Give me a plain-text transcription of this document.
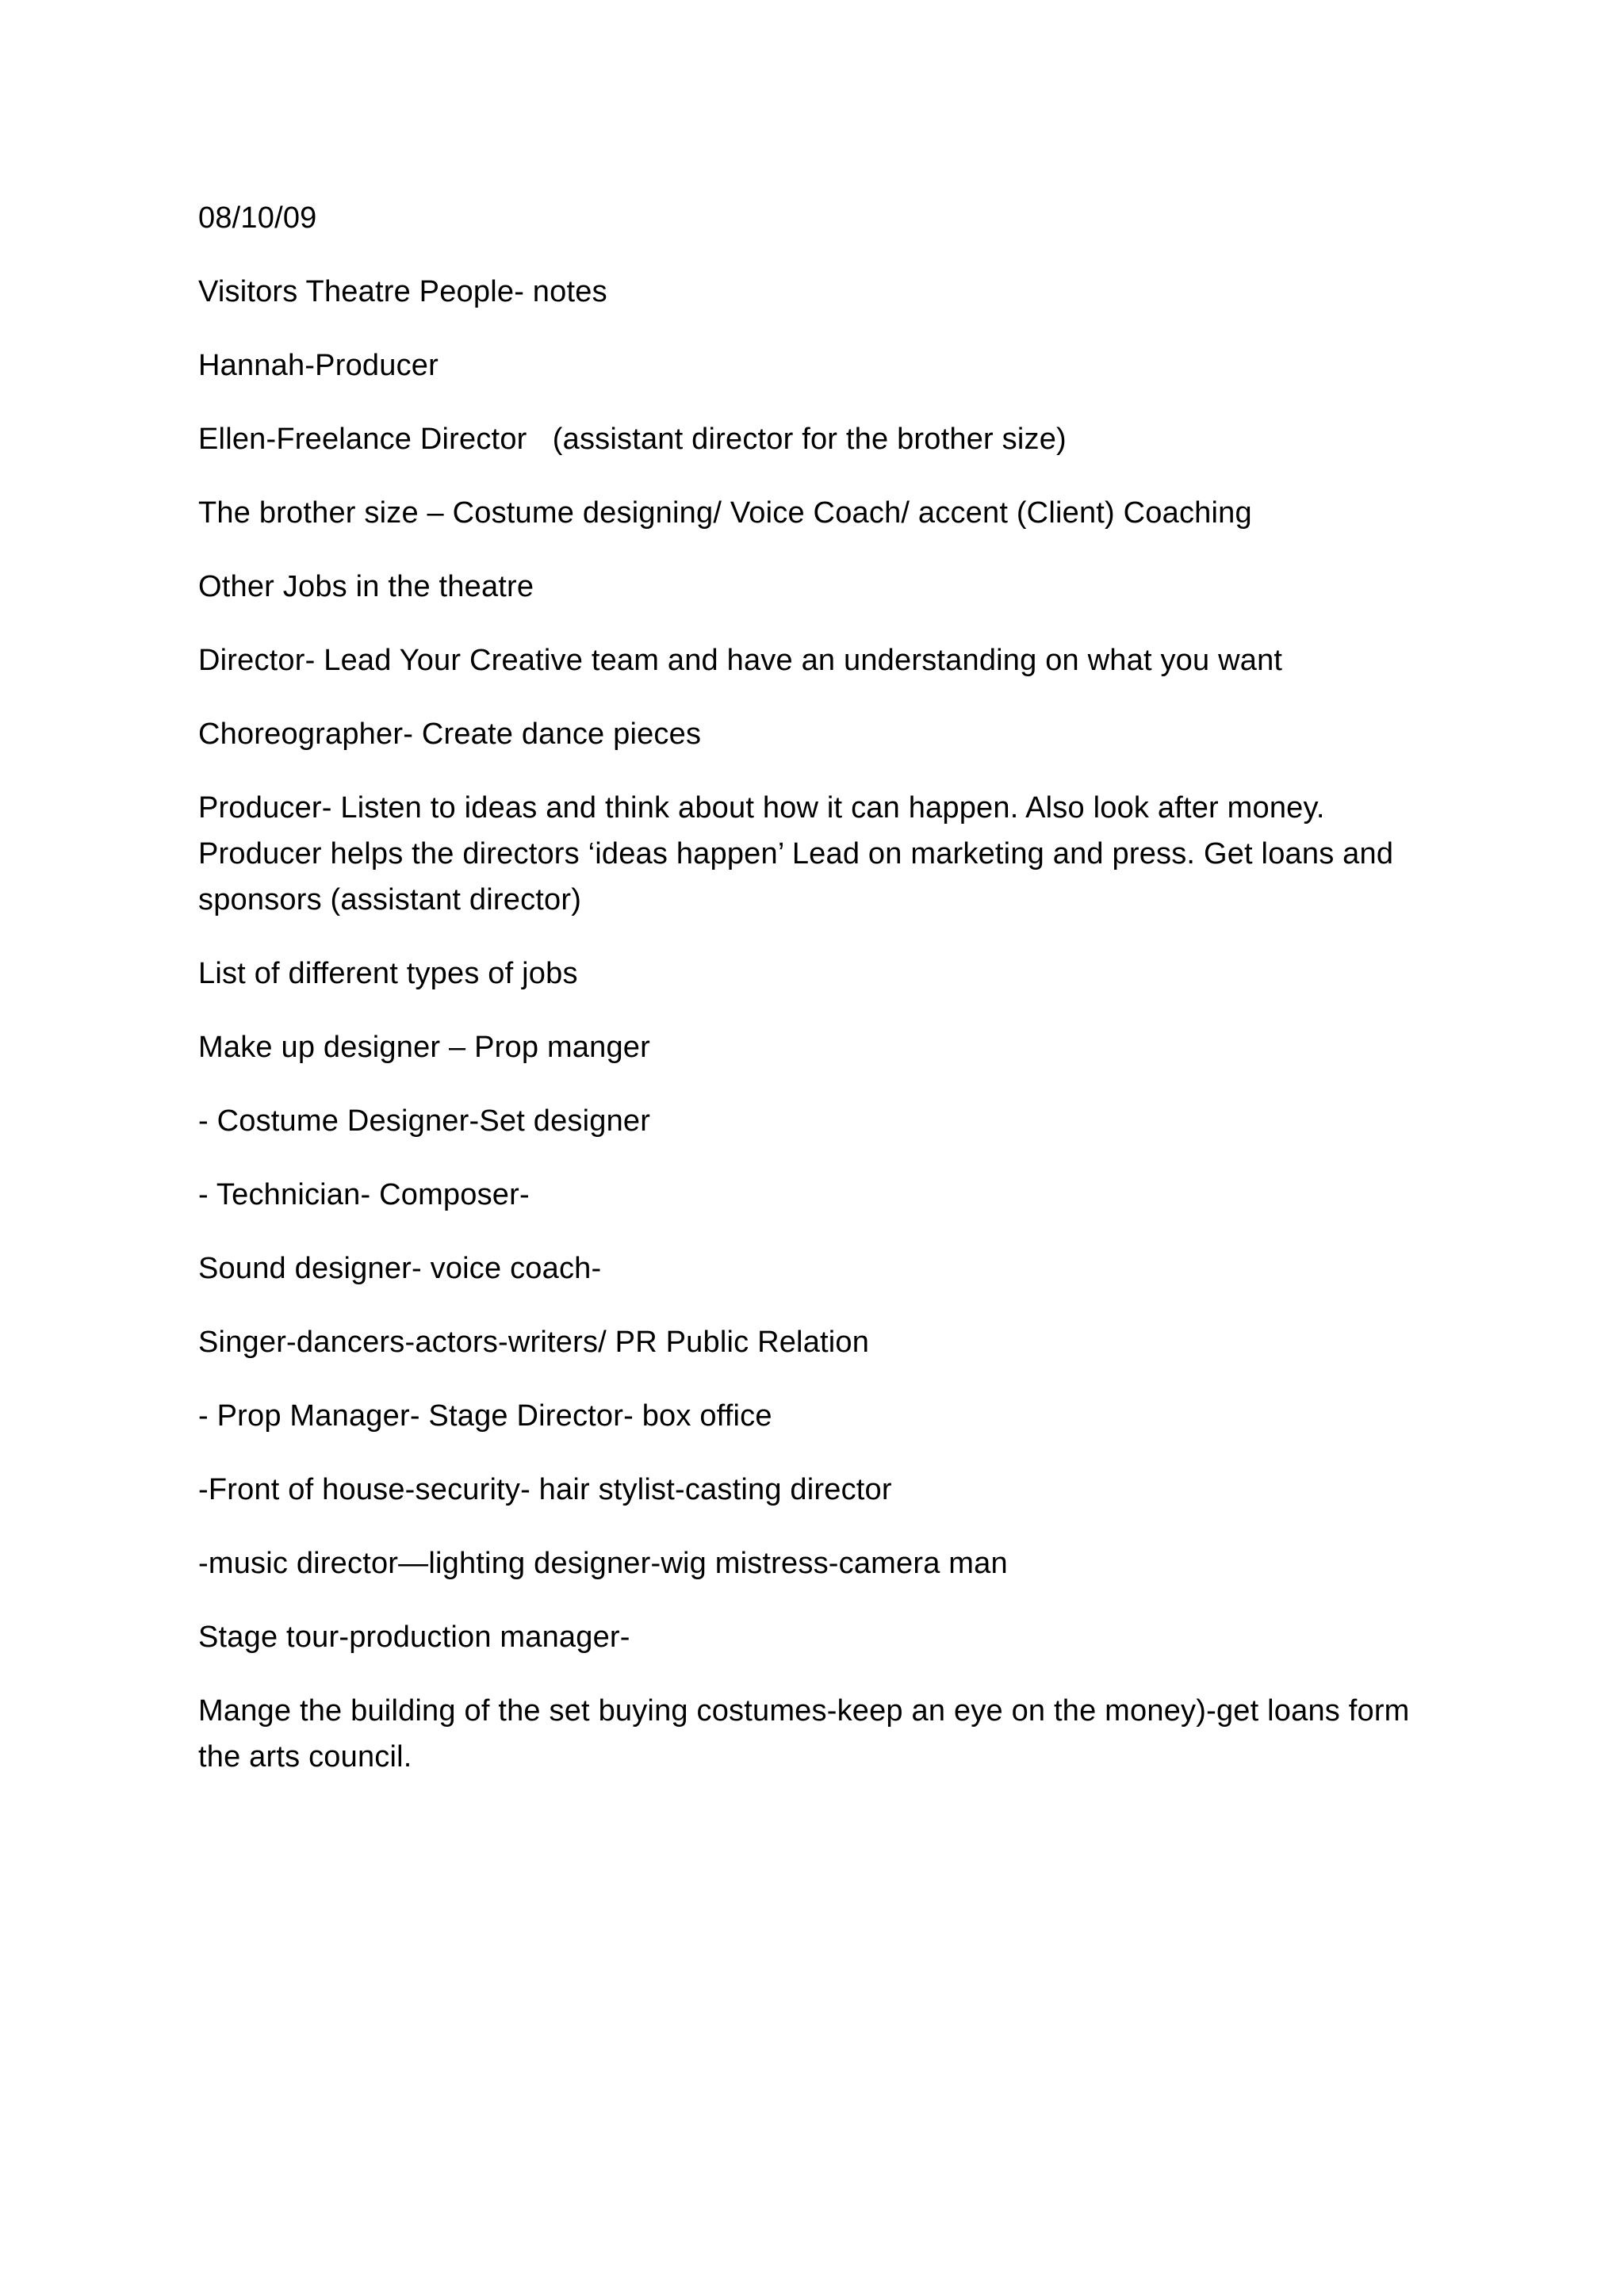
08/10/09

Visitors Theatre People- notes

Hannah-Producer

Ellen-Freelance Director   (assistant director for the brother size)

The brother size – Costume designing/ Voice Coach/ accent (Client) Coaching

Other Jobs in the theatre

Director- Lead Your Creative team and have an understanding on what you want

Choreographer- Create dance pieces

Producer- Listen to ideas and think about how it can happen. Also look after money. Producer helps the directors ‘ideas happen’ Lead on marketing and press. Get loans and sponsors (assistant director)

List of different types of jobs

Make up designer – Prop manger

- Costume Designer-Set designer

- Technician- Composer-

Sound designer- voice coach-

Singer-dancers-actors-writers/ PR Public Relation

- Prop Manager- Stage Director- box office

-Front of house-security- hair stylist-casting director

-music director—lighting designer-wig mistress-camera man

Stage tour-production manager-

Mange the building of the set buying costumes-keep an eye on the money)-get loans form the arts council.
